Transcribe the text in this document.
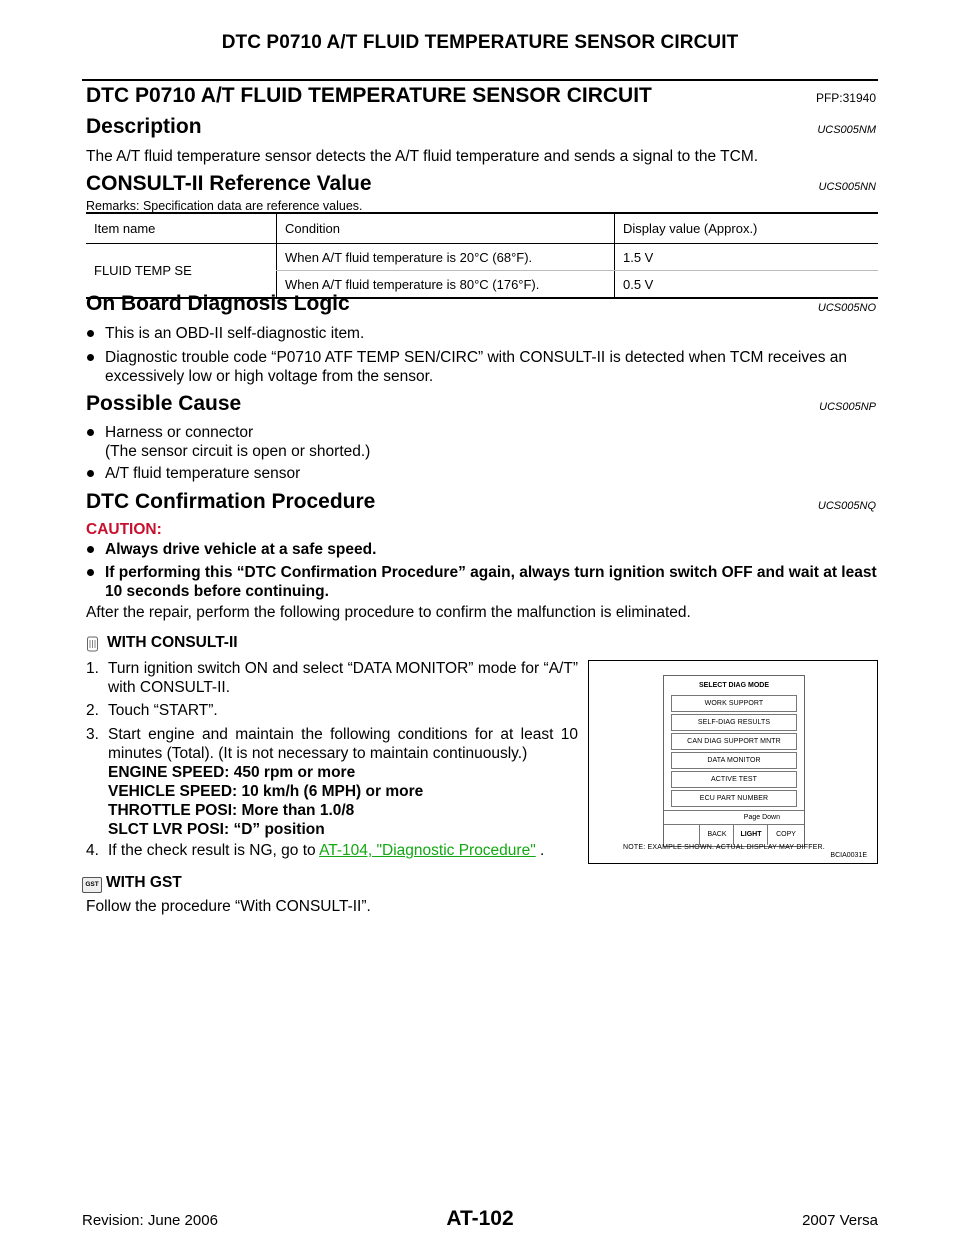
DTC P0710 A/T FLUID TEMPERATURE SENSOR CIRCUIT
DTC P0710 A/T FLUID TEMPERATURE SENSOR CIRCUIT	PFP:31940
Description	UCS005NM
The A/T fluid temperature sensor detects the A/T fluid temperature and sends a signal to the TCM.
CONSULT-II Reference Value	UCS005NN
Remarks: Specification data are reference values.
Item name	Condition	Display value (Approx.)
FLUID TEMP SE	When A/T fluid temperature is 20°C (68°F).	1.5 V
	When A/T fluid temperature is 80°C (176°F).	0.5 V
On Board Diagnosis Logic	UCS005NO
This is an OBD-II self-diagnostic item.
Diagnostic trouble code “P0710 ATF TEMP SEN/CIRC” with CONSULT-II is detected when TCM receives an excessively low or high voltage from the sensor.
Possible Cause	UCS005NP
Harness or connector
(The sensor circuit is open or shorted.)
A/T fluid temperature sensor
DTC Confirmation Procedure	UCS005NQ
CAUTION:
Always drive vehicle at a safe speed.
If performing this “DTC Confirmation Procedure” again, always turn ignition switch OFF and wait at least 10 seconds before continuing.
After the repair, perform the following procedure to confirm the malfunction is eliminated.
WITH CONSULT-II
1. Turn ignition switch ON and select “DATA MONITOR” mode for “A/T” with CONSULT-II.
2. Touch “START”.
3. Start engine and maintain the following conditions for at least 10 minutes (Total). (It is not necessary to maintain continuously.)
ENGINE SPEED: 450 rpm or more
VEHICLE SPEED: 10 km/h (6 MPH) or more
THROTTLE POSI: More than 1.0/8
SLCT LVR POSI: “D” position
4. If the check result is NG, go to AT-104, "Diagnostic Procedure" .
SELECT DIAG MODE
WORK SUPPORT
SELF-DIAG RESULTS
CAN DIAG SUPPORT MNTR
DATA MONITOR
ACTIVE TEST
ECU PART NUMBER
Page Down
BACK	LIGHT	COPY
NOTE: EXAMPLE SHOWN. ACTUAL DISPLAY MAY DIFFER.
BCIA0031E
GST WITH GST
Follow the procedure “With CONSULT-II”.
Revision: June 2006	AT-102	2007 Versa
